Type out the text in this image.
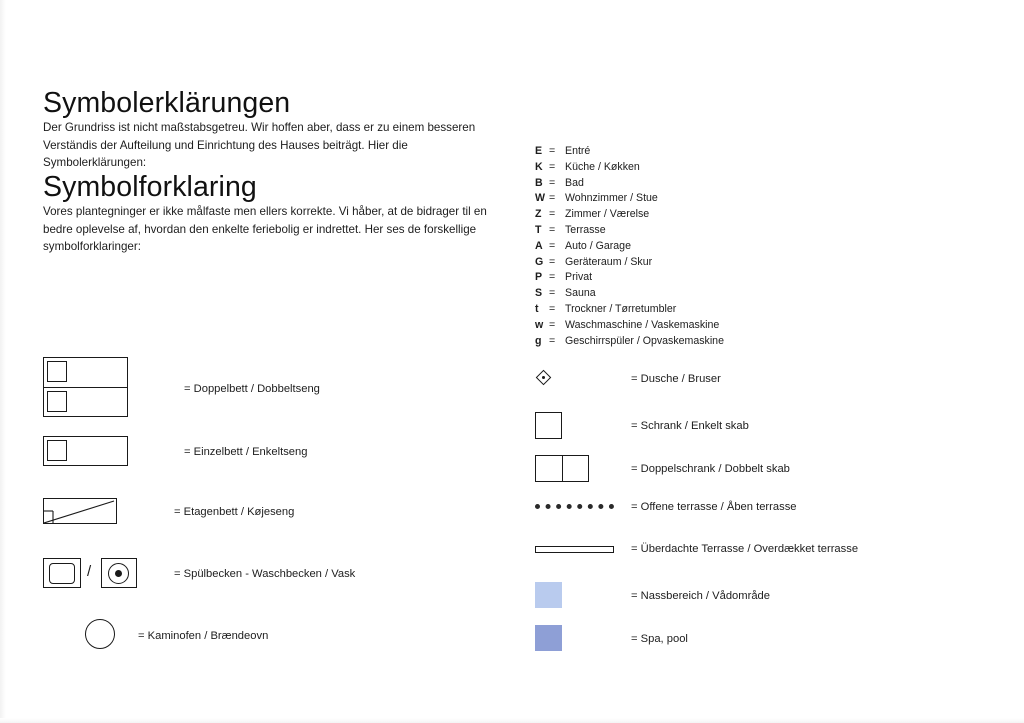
Symbolerklärungen

Der Grundriss ist nicht maßstabsgetreu. Wir hoffen aber, dass er zu einem besseren Verständis der Aufteilung und Einrichtung des Hauses beiträgt. Hier die Symbolerklärungen:

Symbolforklaring

Vores plantegninger er ikke målfaste men ellers korrekte. Vi håber, at de bidrager til en bedre oplevelse af, hvordan den enkelte feriebolig er indrettet. Her ses de forskellige symbolforklaringer:

= Doppelbett / Dobbeltseng
= Einzelbett / Enkeltseng
= Etagenbett / Køjeseng
/	= Spülbecken - Waschbecken / Vask
= Kaminofen / Brændeovn
E = Entré
K = Küche / Køkken
B = Bad
W = Wohnzimmer / Stue
Z = Zimmer / Værelse
T = Terrasse
A = Auto / Garage
G = Geräteraum / Skur
P = Privat
S = Sauna
t = Trockner / Tørretumbler
w = Waschmaschine / Vaskemaskine
g = Geschirrspüler / Opvaskemaskine
= Dusche / Bruser
= Schrank / Enkelt skab
= Doppelschrank / Dobbelt skab
= Offene terrasse / Åben terrasse
= Überdachte Terrasse / Overdækket terrasse
= Nassbereich / Vådområde
= Spa, pool
